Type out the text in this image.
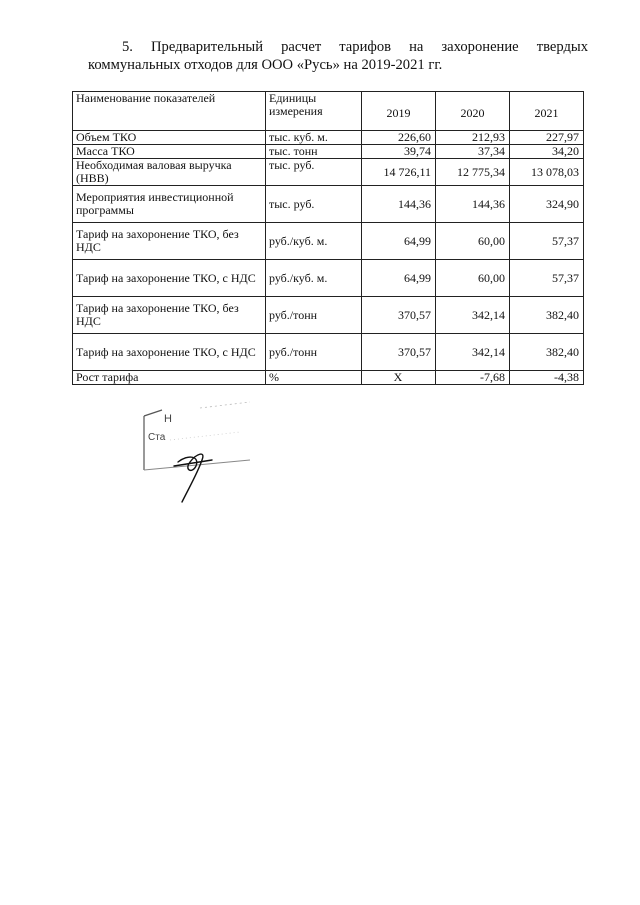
5. Предварительный расчет тарифов на захоронение твердых
коммунальных отходов для ООО «Русь» на 2019-2021 гг.
Наименование показателей	Единицы измерения	2019	2020	2021
Объем ТКО	тыс. куб. м.	226,60	212,93	227,97
Масса ТКО	тыс. тонн	39,74	37,34	34,20
Необходимая валовая выручка (НВВ)	тыс. руб.	14 726,11	12 775,34	13 078,03
Мероприятия инвестиционной программы	тыс. руб.	144,36	144,36	324,90
Тариф на захоронение ТКО, без НДС	руб./куб. м.	64,99	60,00	57,37
Тариф на захоронение ТКО, с НДС	руб./куб. м.	64,99	60,00	57,37
Тариф на захоронение ТКО, без НДС	руб./тонн	370,57	342,14	382,40
Тариф на захоронение ТКО, с НДС	руб./тонн	370,57	342,14	382,40
Рост тарифа	%	Х	-7,68	-4,38
Н
Ста
